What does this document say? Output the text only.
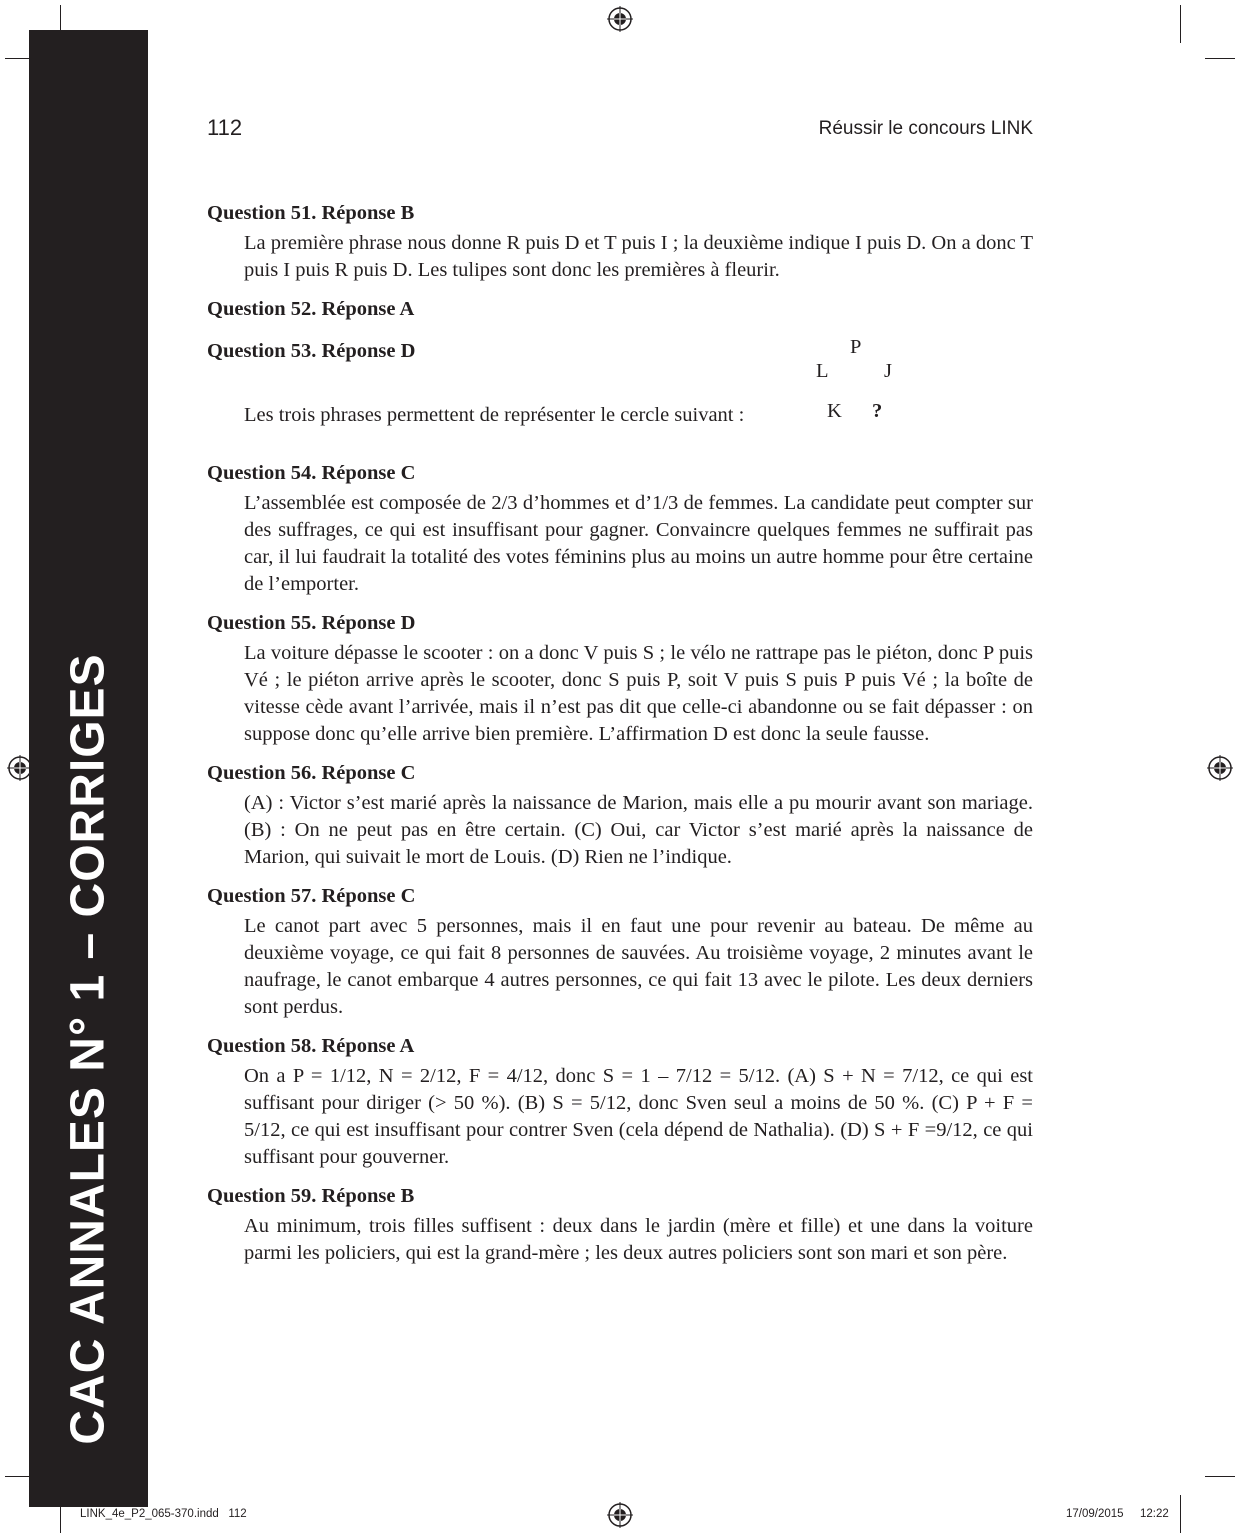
CAC ANNALES N° 1 – CORRIGES
112	Réussir le concours LINK

Question 51. Réponse B

La première phrase nous donne R puis D et T puis I ; la deuxième indique I puis D. On a donc T puis I puis R puis D. Les tulipes sont donc les premières à fleurir.

Question 52. Réponse A

Question 53. Réponse D

Les trois phrases permettent de représenter le cercle suivant :

P
L	J
K ?

Question 54. Réponse C

L’assemblée est composée de 2/3 d’hommes et d’1/3 de femmes. La candidate peut compter sur des suffrages, ce qui est insuffisant pour gagner. Convaincre quelques femmes ne suffirait pas car, il lui faudrait la totalité des votes féminins plus au moins un autre homme pour être certaine de l’emporter.

Question 55. Réponse D

La voiture dépasse le scooter : on a donc V puis S ; le vélo ne rattrape pas le piéton, donc P puis Vé ; le piéton arrive après le scooter, donc S puis P, soit V puis S puis P puis Vé ; la boîte de vitesse cède avant l’arrivée, mais il n’est pas dit que celle-ci abandonne ou se fait dépasser : on suppose donc qu’elle arrive bien première. L’affirmation D est donc la seule fausse.

Question 56. Réponse C

(A) : Victor s’est marié après la naissance de Marion, mais elle a pu mourir avant son mariage. (B) : On ne peut pas en être certain. (C) Oui, car Victor s’est marié après la naissance de Marion, qui suivait le mort de Louis. (D) Rien ne l’indique.

Question 57. Réponse C

Le canot part avec 5 personnes, mais il en faut une pour revenir au bateau. De même au deuxième voyage, ce qui fait 8 personnes de sauvées. Au troisième voyage, 2 minutes avant le naufrage, le canot embarque 4 autres personnes, ce qui fait 13 avec le pilote. Les deux derniers sont perdus.

Question 58. Réponse A

On a P = 1/12, N = 2/12, F = 4/12, donc S = 1 – 7/12 = 5/12. (A) S + N = 7/12, ce qui est suffisant pour diriger (> 50 %). (B) S = 5/12, donc Sven seul a moins de 50 %. (C) P + F = 5/12, ce qui est insuffisant pour contrer Sven (cela dépend de Nathalia). (D) S + F =9/12, ce qui suffisant pour gouverner.

Question 59. Réponse B

Au minimum, trois filles suffisent : deux dans le jardin (mère et fille) et une dans la voiture parmi les policiers, qui est la grand-mère ; les deux autres policiers sont son mari et son père.

LINK_4e_P2_065-370.indd   112	17/09/2015 12:22
